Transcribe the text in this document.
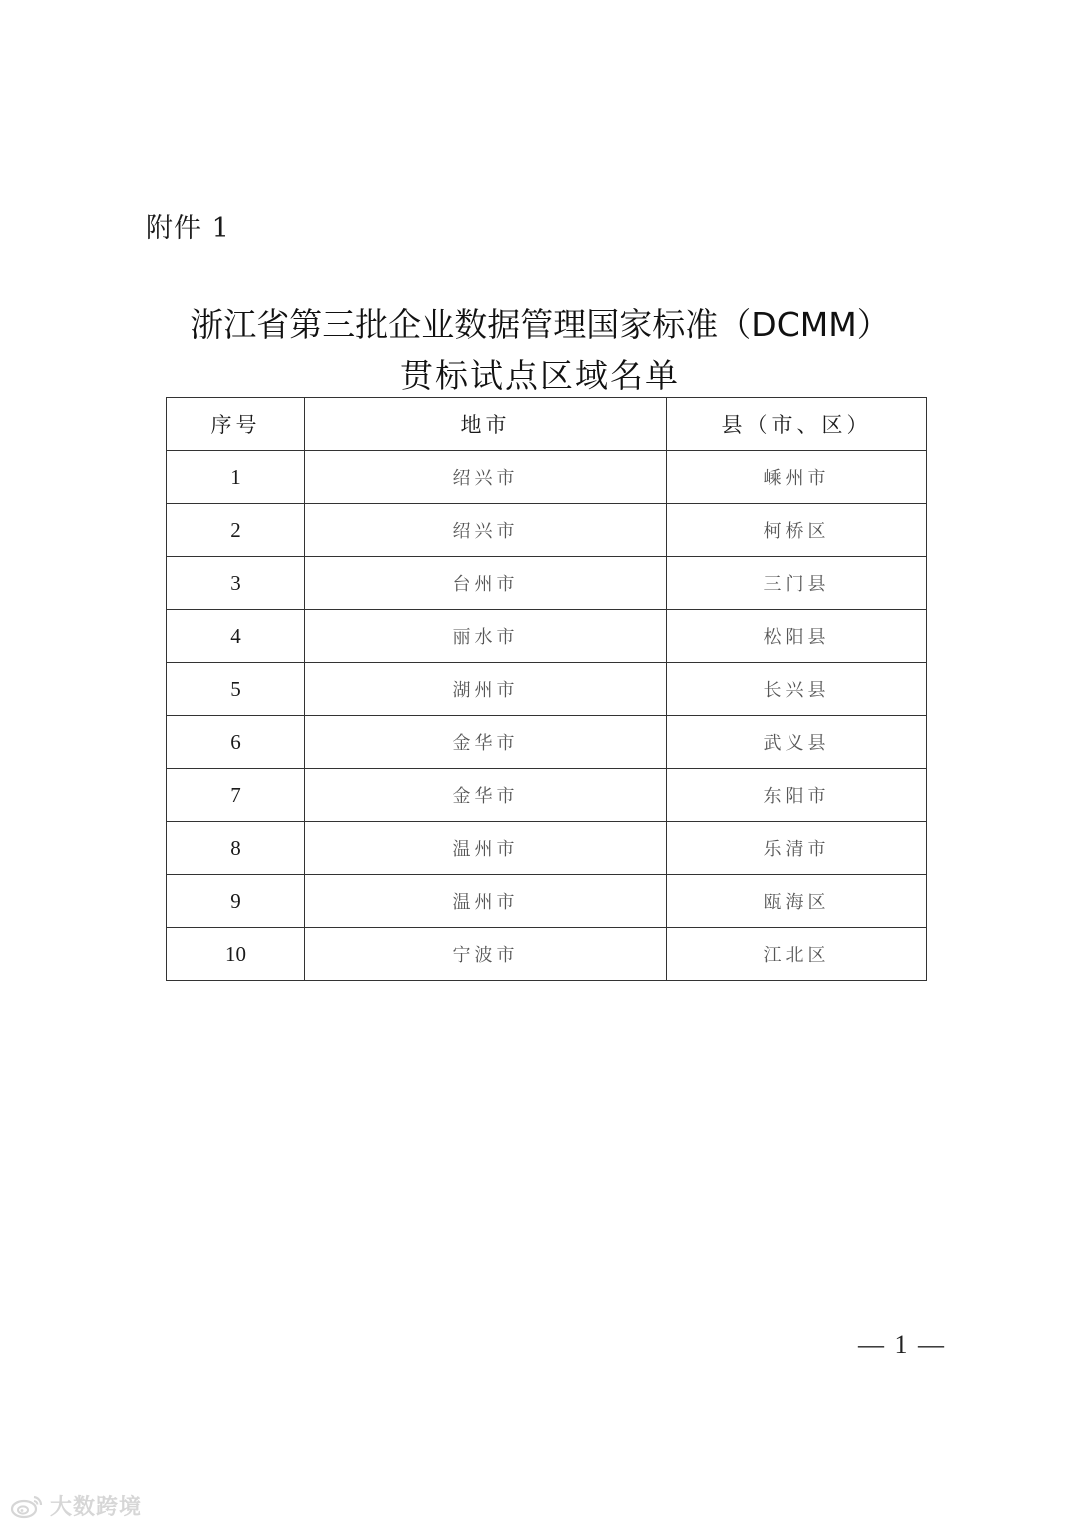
附件 1
浙江省第三批企业数据管理国家标准（DCMM）
贯标试点区域名单
序号	地市	县（市、区）
1	绍兴市	嵊州市
2	绍兴市	柯桥区
3	台州市	三门县
4	丽水市	松阳县
5	湖州市	长兴县
6	金华市	武义县
7	金华市	东阳市
8	温州市	乐清市
9	温州市	瓯海区
10	宁波市	江北区
— 1 —
大数跨境
